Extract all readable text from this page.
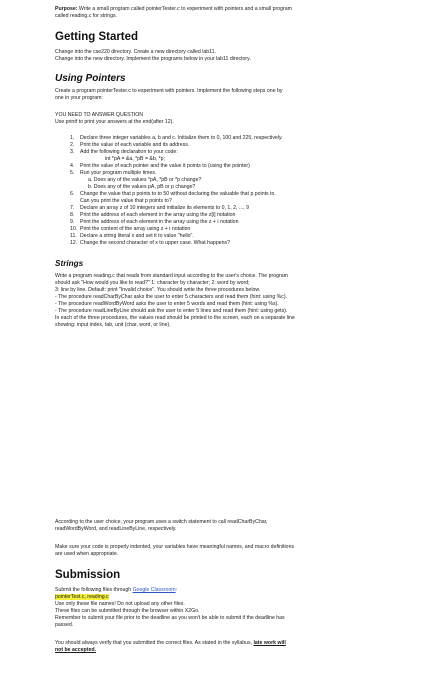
Purpose: Write a small program called pointerTester.c to experiment with pointers and a small program
called reading.c for strings.
Getting Started
Change into the cse220 directory. Create a new directory called lab11.
Change into the new directory. Implement the programs below in your lab11 directory.
Using Pointers
Create a program pointerTester.c to experiment with pointers. Implement the following steps one by
one in your program:
YOU NEED TO ANSWER QUESTION
Use printf to print your answers at the end(after 12).
1. Declare three integer variables a, b and c. Initialize them to 0, 100 and 225, respectively.
2. Print the value of each variable and its address.
3. Add the following declaration to your code:
int *pA = &a, *pB = &b, *p;
4. Print the value of each pointer and the value it points to (using the pointer)
5. Run your program multiple times.
a. Does any of the values *pA, *pB or *p change?
b. Does any of the values pA, pB or p change?
6. Change the value that p points to to 50 without declaring the valuable that p points to.
Can you print the value that p points to?
7. Declare an array z of 10 integers and initialize its elements to 0, 1, 2, ..., 9
8. Print the address of each element in the array using the z[i] notation
9. Print the address of each element in the array using the z + i notation
10. Print the content of the array using z + i notation
11. Declare a string literal x and set it to value "hello".
12. Change the second character of x to upper case. What happens?
Strings
Write a program reading.c that reads from standard input according to the user's choice. The program
should ask "How would you like to read?" 1: character by character; 2: word by word;
3: line by line. Default: print "Invalid choice". You should write the three procedures below.
- The procedure readCharByChar asks the user to enter 5 characters and read them (hint: using %c).
- The procedure readWordByWord asks the user to enter 5 words and read them (hint: using %s).
- The procedure readLineByLine should ask the user to enter 5 lines and read them (hint: using gets).
In each of the three procedures, the values read should be printed to the screen, each on a separate line
showing: input index, tab, unit (char, word, or line).
According to the user choice, your program uses a switch statement to call readCharByChar,
readWordByWord, and readLineByLine, respectively.
Make sure your code is properly indented, your variables have meaningful names, and macro definitions
are used when appropriate.
Submission
Submit the following files through Google Classroom:
pointerTest.c, reading.c
Use only these file names! Do not upload any other files.
These files can be submitted through the browser within X2Go.
Remember to submit your file prior to the deadline as you won't be able to submit if the deadline has
passed.
You should always verify that you submitted the correct files. As stated in the syllabus, late work will
not be accepted.
